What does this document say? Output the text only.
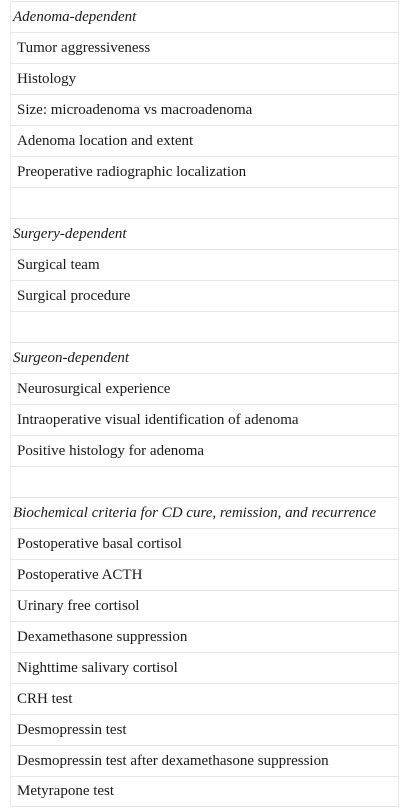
Adenoma-dependent
Tumor aggressiveness
Histology
Size: microadenoma vs macroadenoma
Adenoma location and extent
Preoperative radiographic localization
Surgery-dependent
Surgical team
Surgical procedure
Surgeon-dependent
Neurosurgical experience
Intraoperative visual identification of adenoma
Positive histology for adenoma
Biochemical criteria for CD cure, remission, and recurrence
Postoperative basal cortisol
Postoperative ACTH
Urinary free cortisol
Dexamethasone suppression
Nighttime salivary cortisol
CRH test
Desmopressin test
Desmopressin test after dexamethasone suppression
Metyrapone test
